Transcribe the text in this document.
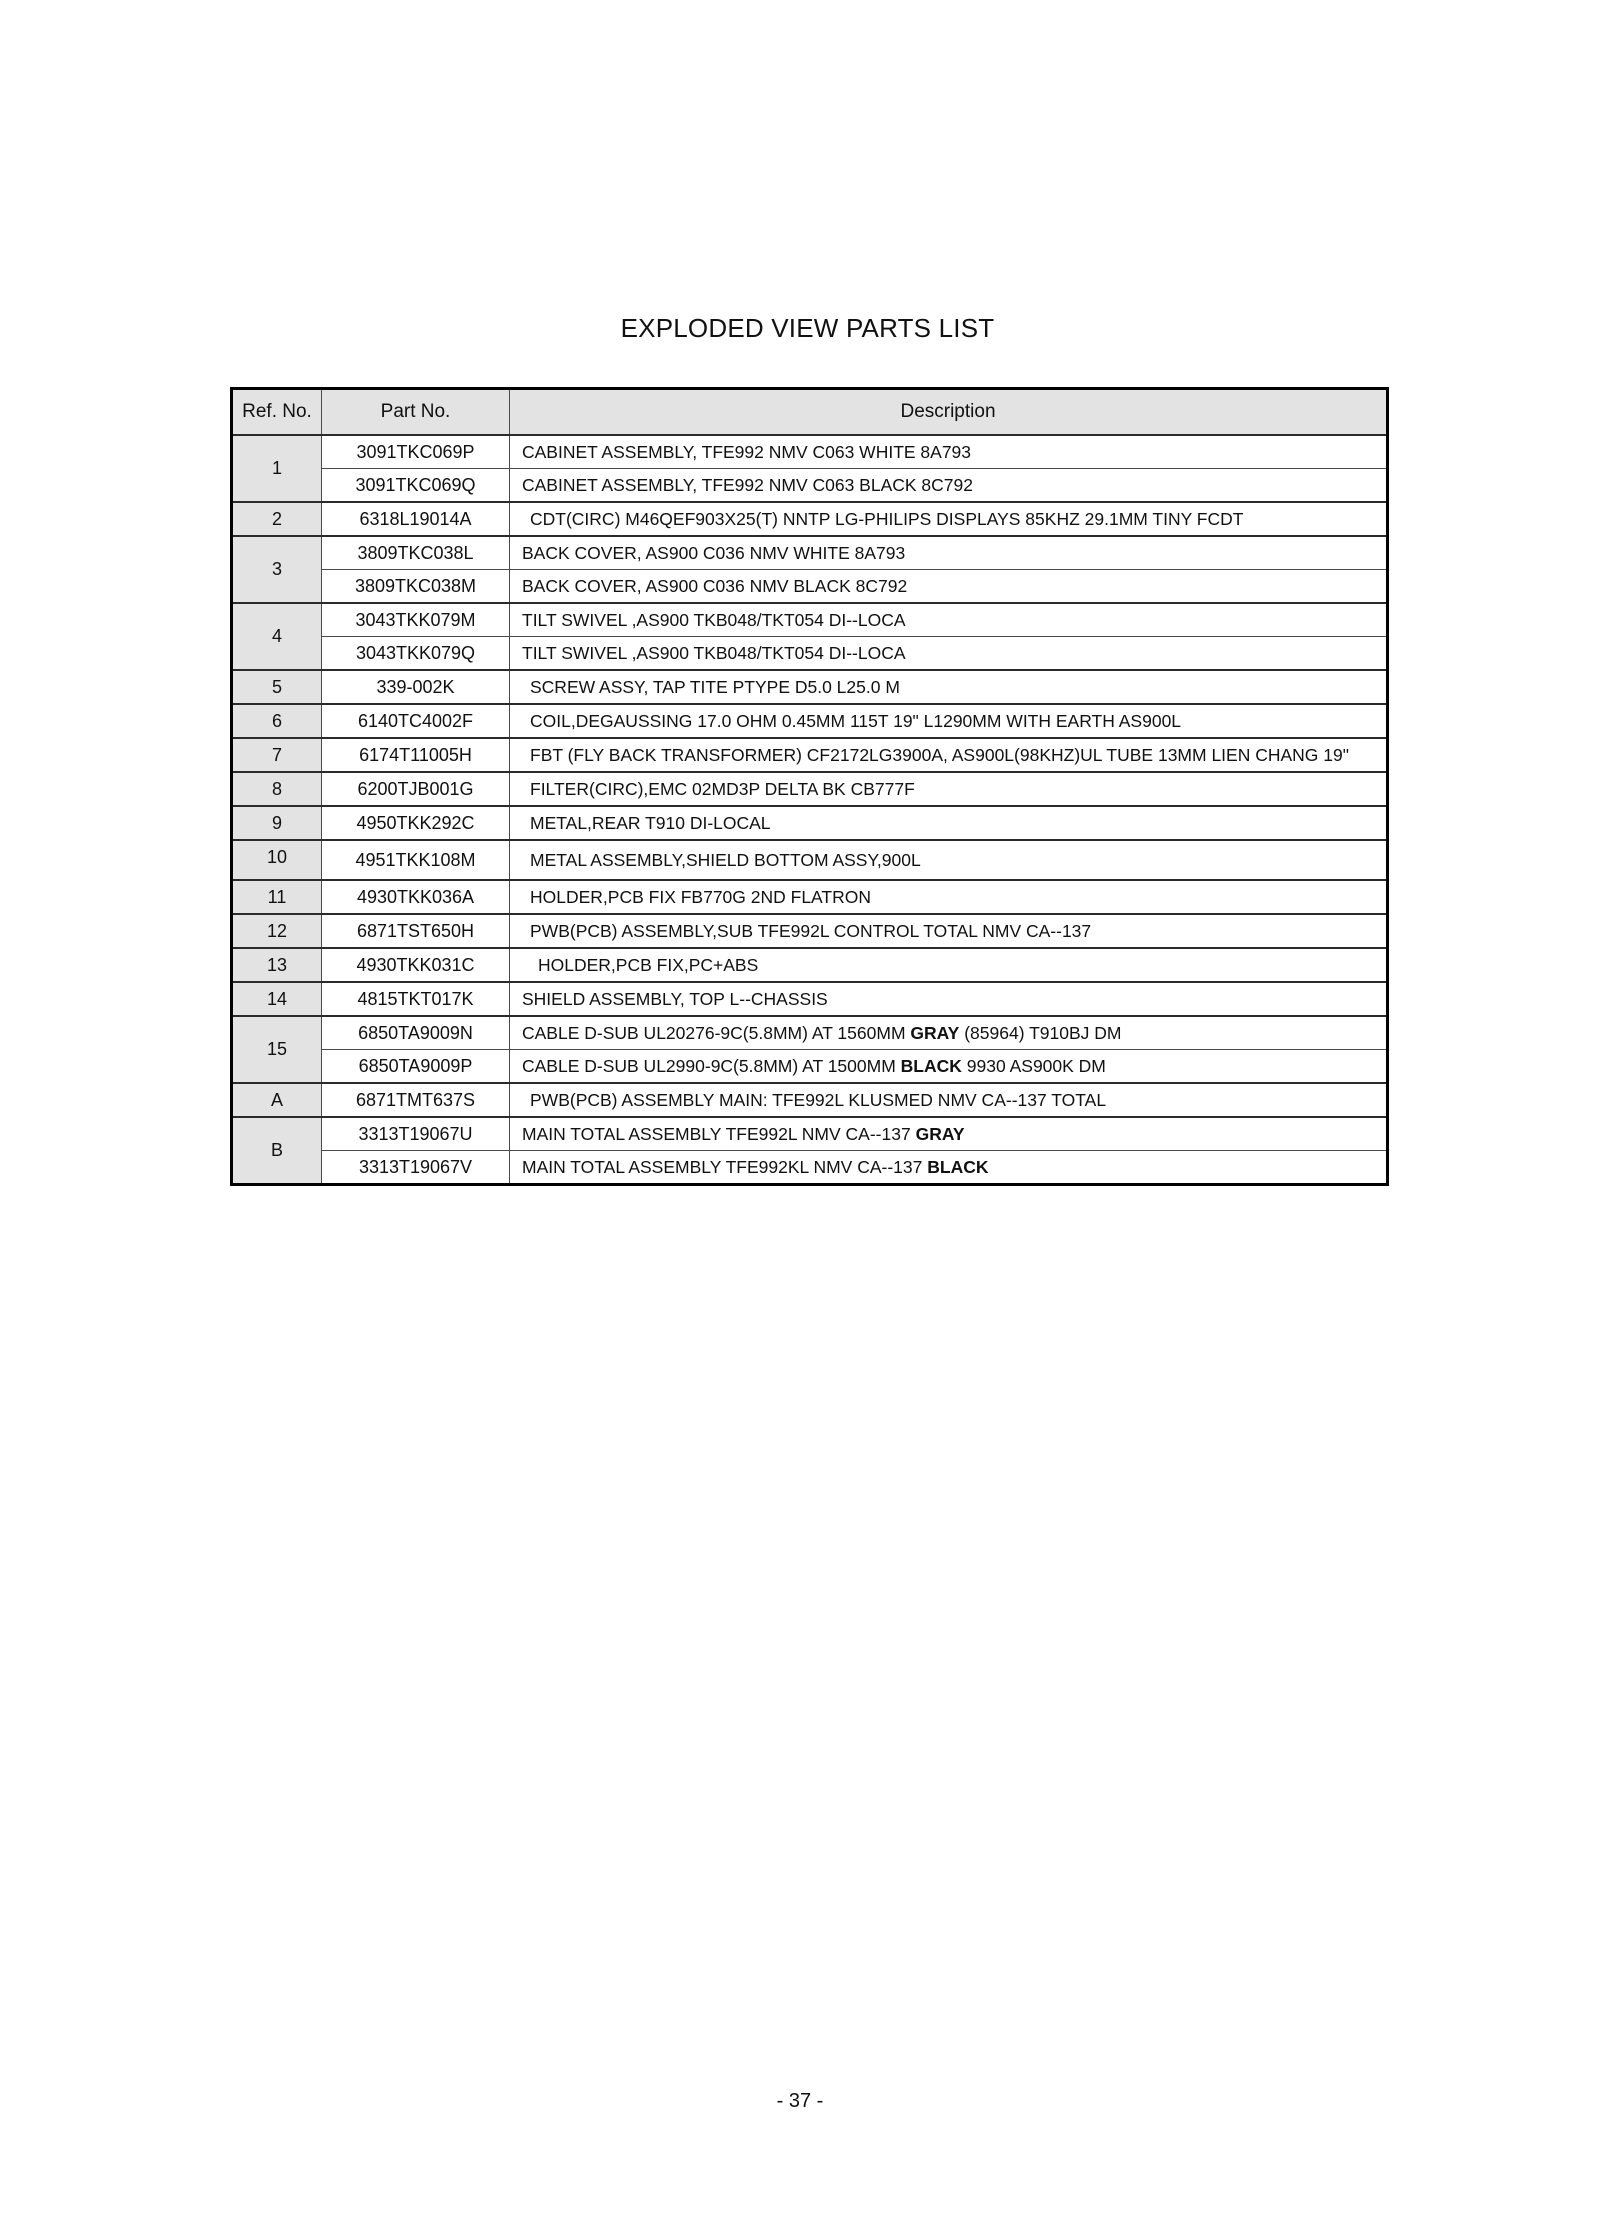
EXPLODED VIEW PARTS LIST
Ref. No.	Part No.	Description
1	3091TKC069P	CABINET ASSEMBLY, TFE992 NMV C063 WHITE 8A793
	3091TKC069Q	CABINET ASSEMBLY, TFE992 NMV C063 BLACK 8C792
2	6318L19014A	CDT(CIRC) M46QEF903X25(T) NNTP LG-PHILIPS DISPLAYS 85KHZ 29.1MM TINY FCDT
3	3809TKC038L	BACK COVER, AS900 C036 NMV WHITE 8A793
	3809TKC038M	BACK COVER, AS900 C036 NMV BLACK 8C792
4	3043TKK079M	TILT SWIVEL ,AS900 TKB048/TKT054 DI--LOCA
	3043TKK079Q	TILT SWIVEL ,AS900 TKB048/TKT054 DI--LOCA
5	339-002K	SCREW ASSY, TAP TITE PTYPE D5.0 L25.0 M
6	6140TC4002F	COIL,DEGAUSSING 17.0 OHM 0.45MM 115T 19" L1290MM WITH EARTH AS900L
7	6174T11005H	FBT (FLY BACK TRANSFORMER) CF2172LG3900A, AS900L(98KHZ)UL TUBE 13MM LIEN CHANG 19"
8	6200TJB001G	FILTER(CIRC),EMC 02MD3P DELTA BK CB777F
9	4950TKK292C	METAL,REAR T910 DI-LOCAL
10	4951TKK108M	METAL ASSEMBLY,SHIELD BOTTOM ASSY,900L
11	4930TKK036A	HOLDER,PCB FIX FB770G 2ND FLATRON
12	6871TST650H	PWB(PCB) ASSEMBLY,SUB TFE992L CONTROL TOTAL NMV CA--137
13	4930TKK031C	HOLDER,PCB FIX,PC+ABS
14	4815TKT017K	SHIELD ASSEMBLY, TOP L--CHASSIS
15	6850TA9009N	CABLE D-SUB UL20276-9C(5.8MM) AT 1560MM GRAY (85964) T910BJ DM
	6850TA9009P	CABLE D-SUB UL2990-9C(5.8MM) AT 1500MM BLACK 9930 AS900K DM
A	6871TMT637S	PWB(PCB) ASSEMBLY MAIN: TFE992L KLUSMED NMV CA--137 TOTAL
B	3313T19067U	MAIN TOTAL ASSEMBLY TFE992L NMV CA--137 GRAY
	3313T19067V	MAIN TOTAL ASSEMBLY TFE992KL NMV CA--137 BLACK
- 37 -
